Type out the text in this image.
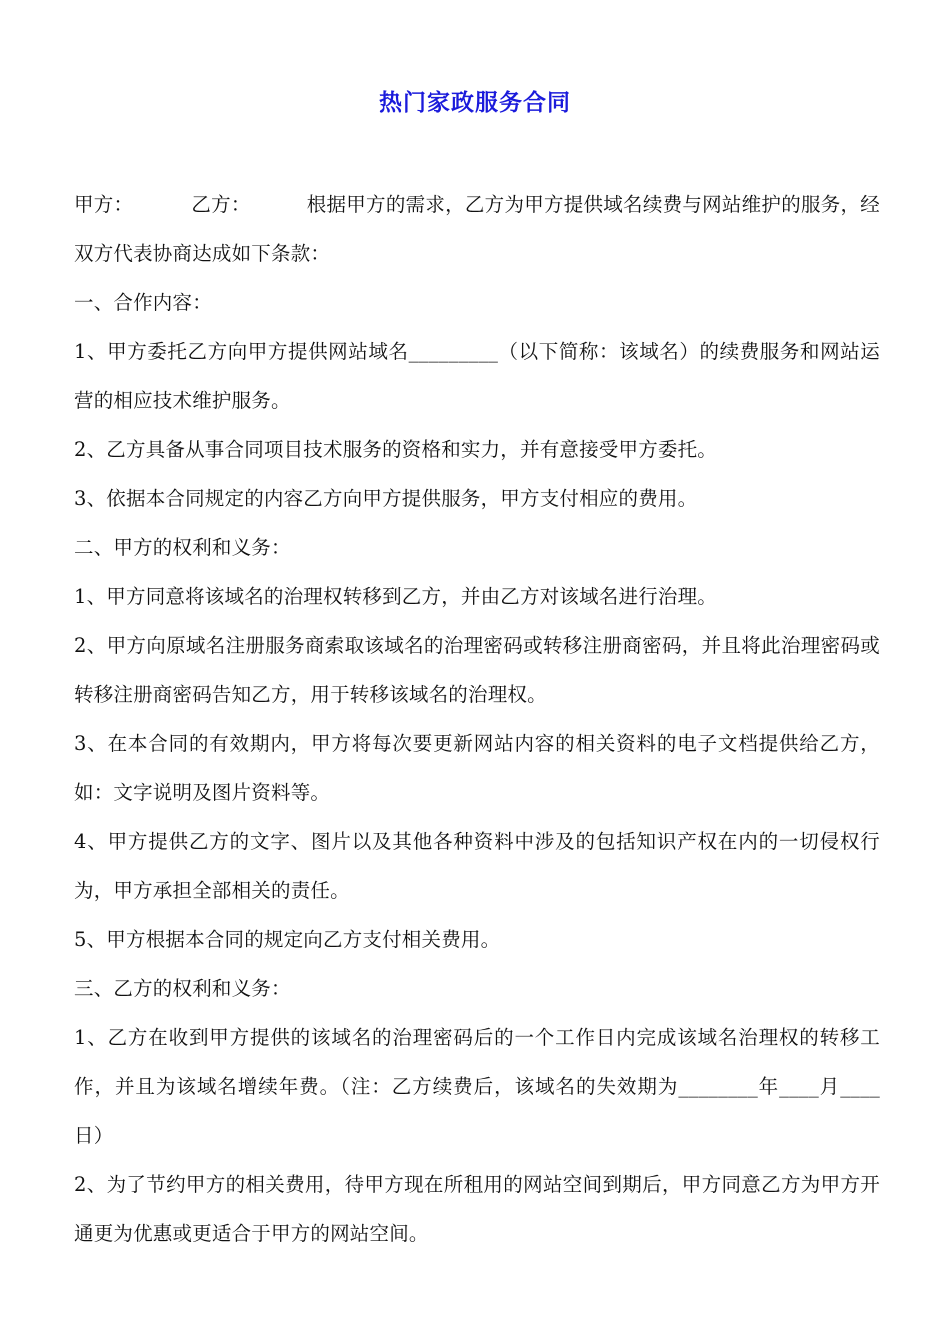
热门家政服务合同

甲方：	乙方：	根据甲方的需求，乙方为甲方提供域名续费与网站维护的服务，经双方代表协商达成如下条款：

一、合作内容：

1、甲方委托乙方向甲方提供网站域名_________（以下简称：该域名）的续费服务和网站运营的相应技术维护服务。

2、乙方具备从事合同项目技术服务的资格和实力，并有意接受甲方委托。

3、依据本合同规定的内容乙方向甲方提供服务，甲方支付相应的费用。

二、甲方的权利和义务：

1、甲方同意将该域名的治理权转移到乙方，并由乙方对该域名进行治理。

2、甲方向原域名注册服务商索取该域名的治理密码或转移注册商密码，并且将此治理密码或转移注册商密码告知乙方，用于转移该域名的治理权。

3、在本合同的有效期内，甲方将每次要更新网站内容的相关资料的电子文档提供给乙方，如：文字说明及图片资料等。

4、甲方提供乙方的文字、图片以及其他各种资料中涉及的包括知识产权在内的一切侵权行为，甲方承担全部相关的责任。

5、甲方根据本合同的规定向乙方支付相关费用。

三、乙方的权利和义务：

1、乙方在收到甲方提供的该域名的治理密码后的一个工作日内完成该域名治理权的转移工作，并且为该域名增续年费。（注：乙方续费后，该域名的失效期为________年____月____日）

2、为了节约甲方的相关费用，待甲方现在所租用的网站空间到期后，甲方同意乙方为甲方开通更为优惠或更适合于甲方的网站空间。
